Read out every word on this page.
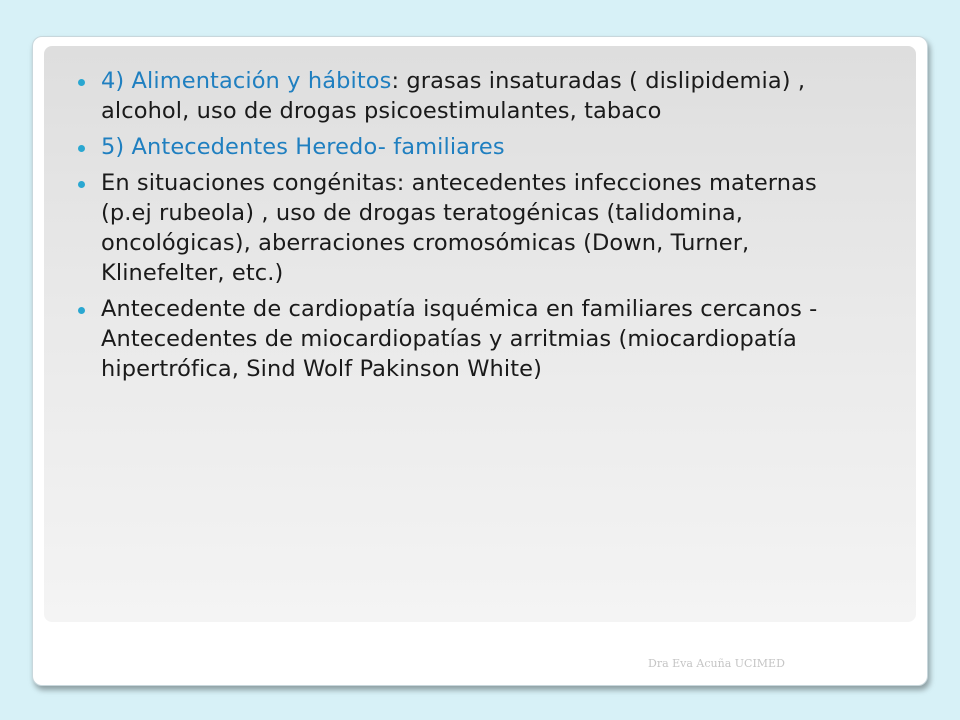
4) Alimentación y hábitos: grasas insaturadas ( dislipidemia) , alcohol, uso de drogas psicoestimulantes, tabaco
5) Antecedentes Heredo- familiares
En situaciones congénitas: antecedentes infecciones maternas (p.ej rubeola) , uso de drogas teratogénicas (talidomina, oncológicas), aberraciones cromosómicas (Down, Turner, Klinefelter, etc.)
Antecedente de cardiopatía isquémica en familiares cercanos - Antecedentes de miocardiopatías y arritmias (miocardiopatía hipertrófica, Sind Wolf Pakinson White)
Dra Eva Acuña UCIMED
